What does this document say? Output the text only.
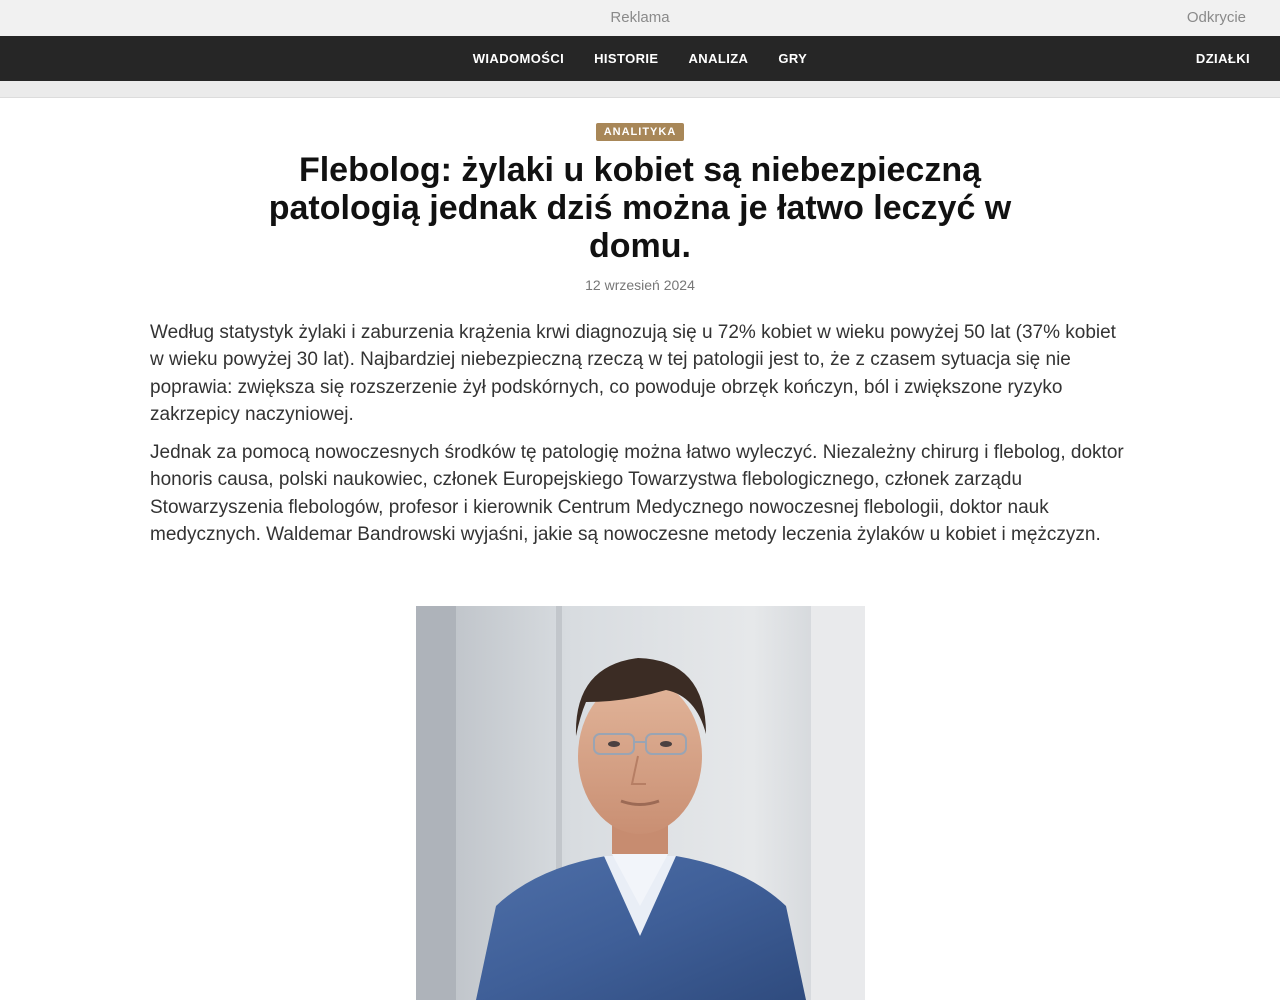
Reklama	Odkrycie
WIADOMOŚCI HISTORIE ANALIZA GRY	DZIAŁKI
ANALITYKA
Flebolog: żylaki u kobiet są niebezpieczną patologią jednak dziś można je łatwo leczyć w domu.
12 wrzesień 2024

Według statystyk żylaki i zaburzenia krążenia krwi diagnozują się u 72% kobiet w wieku powyżej 50 lat (37% kobiet w wieku powyżej 30 lat). Najbardziej niebezpieczną rzeczą w tej patologii jest to, że z czasem sytuacja się nie poprawia: zwiększa się rozszerzenie żył podskórnych, co powoduje obrzęk kończyn, ból i zwiększone ryzyko zakrzepicy naczyniowej.

Jednak za pomocą nowoczesnych środków tę patologię można łatwo wyleczyć. Niezależny chirurg i flebolog, doktor honoris causa, polski naukowiec, członek Europejskiego Towarzystwa flebologicznego, członek zarządu Stowarzyszenia flebologów, profesor i kierownik Centrum Medycznego nowoczesnej flebologii, doktor nauk medycznych. Waldemar Bandrowski wyjaśni, jakie są nowoczesne metody leczenia żylaków u kobiet i mężczyzn.
